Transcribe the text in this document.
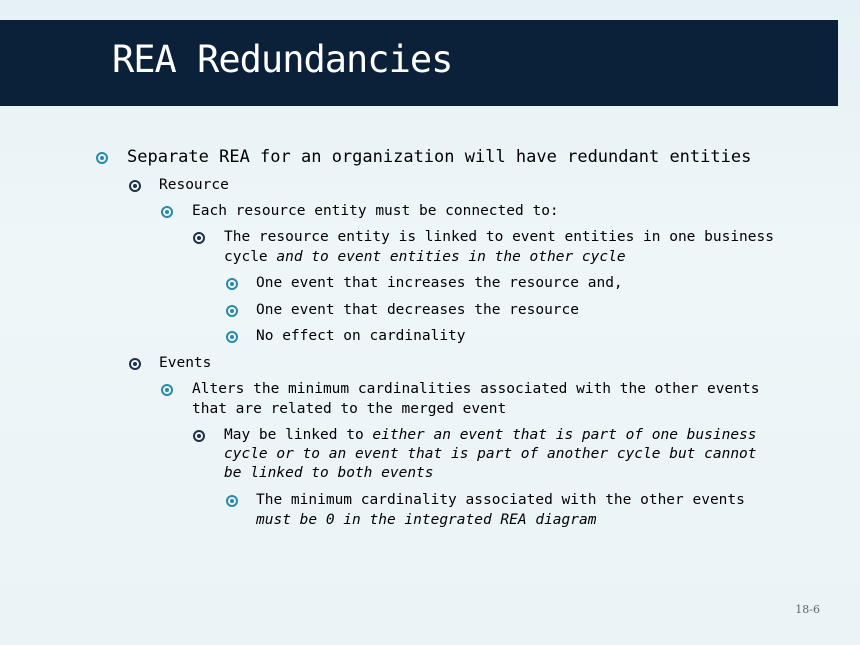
REA Redundancies
Separate REA for an organization will have redundant entities
Resource
Each resource entity must be connected to:
The resource entity is linked to event entities in one business
cycle and to event entities in the other cycle
One event that increases the resource and,
One event that decreases the resource
No effect on cardinality
Events
Alters the minimum cardinalities associated with the other events
that are related to the merged event
May be linked to either an event that is part of one business
cycle or to an event that is part of another cycle but cannot
be linked to both events
The minimum cardinality associated with the other events
must be 0 in the integrated REA diagram
18-6
